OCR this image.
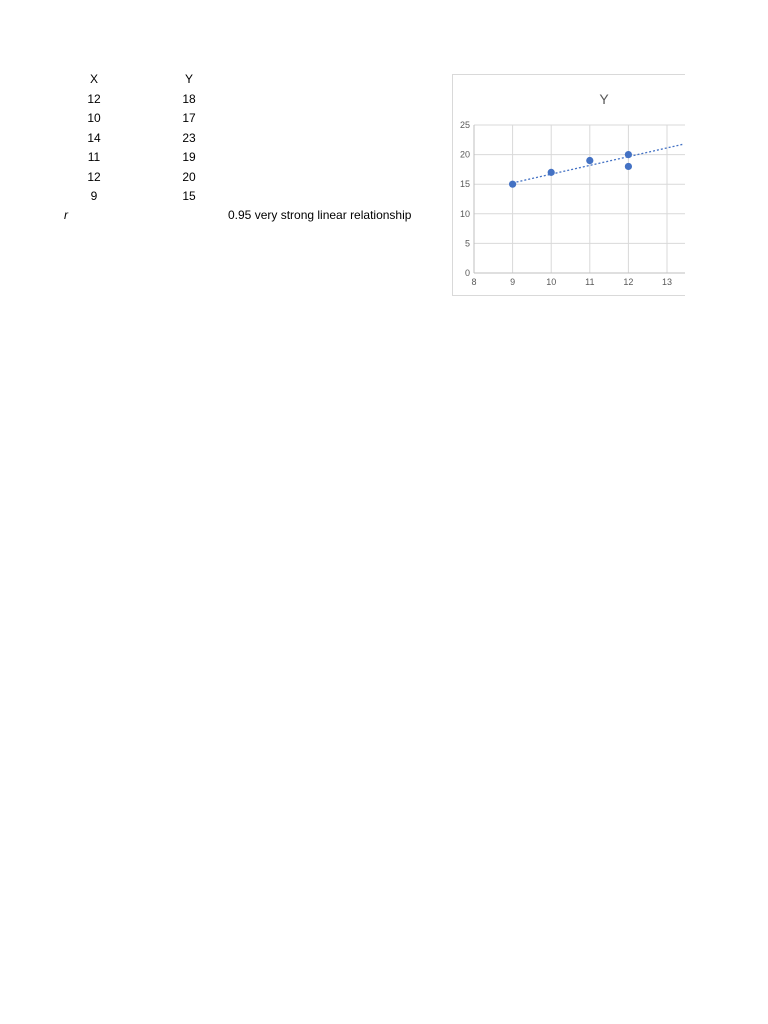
X	Y
12	18
10	17
14	23
11	19
12	20
9	15
r	0.95 very strong linear relationship
Y
0
5
10
15
20
25
8	9	10	11	12	13
